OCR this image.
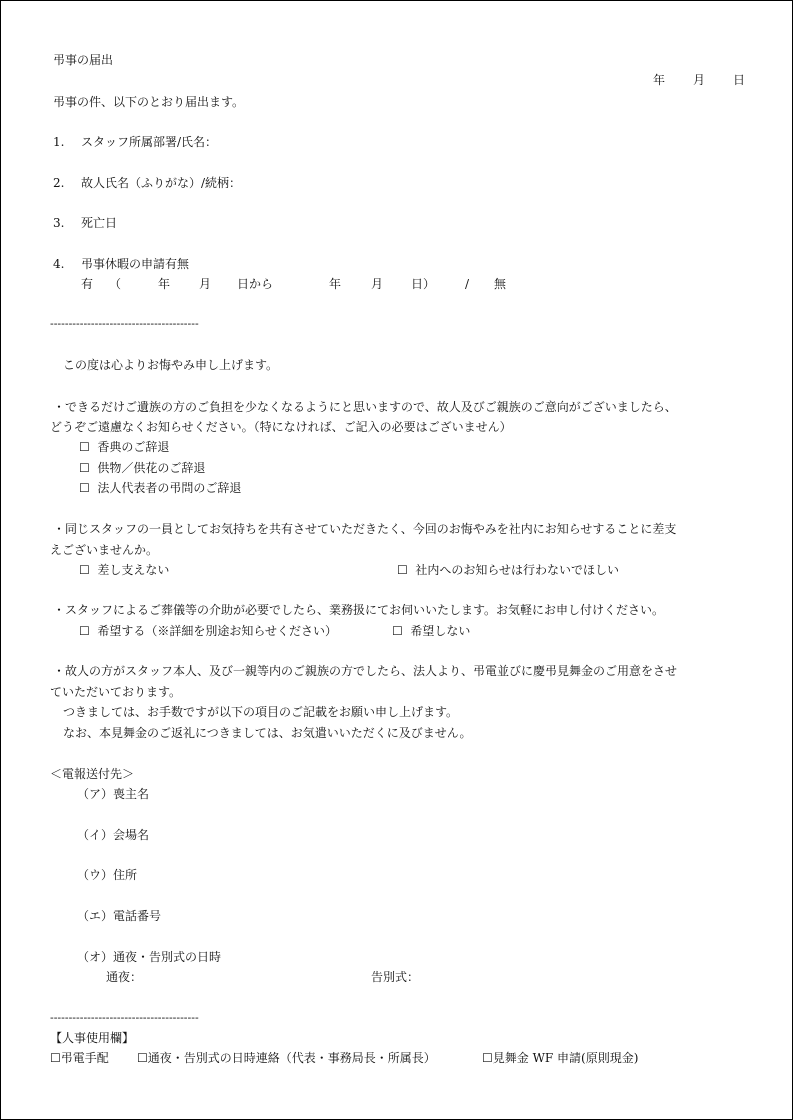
弔事の届出
年 月 日
弔事の件、以下のとおり届出ます。
1. スタッフ所属部署/氏名：
2. 故人氏名（ふりがな）/続柄：
3. 死亡日
4. 弔事休暇の申請有無
有 （	年 月 日から	年 月 日） / 無
----------------------------------------
この度は心よりお悔やみ申し上げます。
・できるだけご遺族の方のご負担を少なくなるようにと思いますので、故人及びご親族のご意向がございましたら、
どうぞご遠慮なくお知らせください。（特になければ、ご記入の必要はございません）
☐ 香典のご辞退
☐ 供物／供花のご辞退
☐ 法人代表者の弔問のご辞退
・同じスタッフの一員としてお気持ちを共有させていただきたく、今回のお悔やみを社内にお知らせすることに差支
えございませんか。
☐ 差し支えない	☐ 社内へのお知らせは行わないでほしい
・スタッフによるご葬儀等の介助が必要でしたら、業務扱にてお伺いいたします。お気軽にお申し付けください。
☐ 希望する（※詳細を別途お知らせください）	☐ 希望しない
・故人の方がスタッフ本人、及び一親等内のご親族の方でしたら、法人より、弔電並びに慶弔見舞金のご用意をさせ
ていただいております。
つきましては、お手数ですが以下の項目のご記載をお願い申し上げます。
なお、本見舞金のご返礼につきましては、お気遣いいただくに及びません。
＜電報送付先＞
（ア）喪主名
（イ）会場名
（ウ）住所
（エ）電話番号
（オ）通夜・告別式の日時
通夜：	告別式：
----------------------------------------
【人事使用欄】
☐弔電手配 ☐通夜・告別式の日時連絡（代表・事務局長・所属長）	☐見舞金 WF 申請(原則現金)
